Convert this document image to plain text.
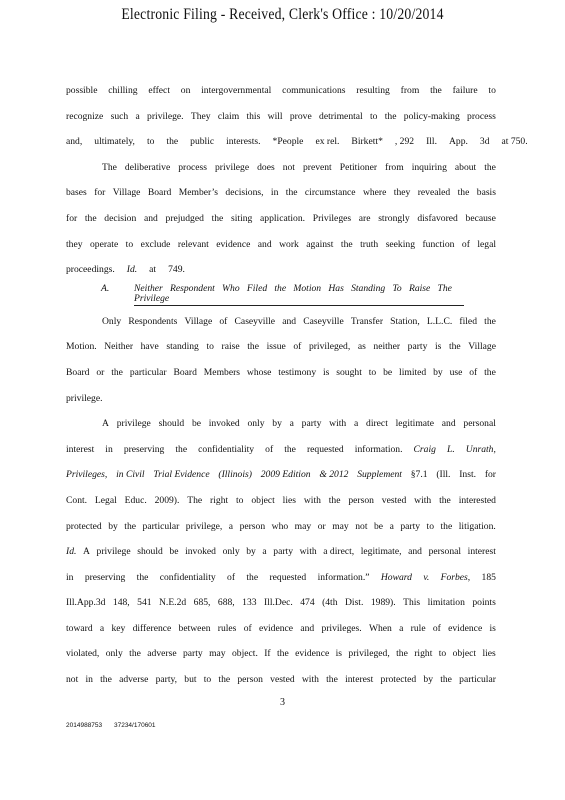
Electronic Filing - Received, Clerk's Office : 10/20/2014
possible chilling effect on intergovernmental communications resulting from the failure to
recognize such a privilege. They claim this will prove detrimental to the policy-making process
and, ultimately, to the public interests. *People ex rel. Birkett* , 292 Ill. App. 3d at 750.
The deliberative process privilege does not prevent Petitioner from inquiring about the
bases for Village Board Member’s decisions, in the circumstance where they revealed the basis
for the decision and prejudged the siting application. Privileges are strongly disfavored because
they operate to exclude relevant evidence and work against the truth seeking function of legal
proceedings. Id. at 749.
A.	Neither Respondent Who Filed the Motion Has Standing To Raise The
Privilege
Only Respondents Village of Caseyville and Caseyville Transfer Station, L.L.C. filed the
Motion. Neither have standing to raise the issue of privileged, as neither party is the Village
Board or the particular Board Members whose testimony is sought to be limited by use of the
privilege.
A privilege should be invoked only by a party with a direct legitimate and personal
interest in preserving the confidentiality of the requested information. Craig L. Unrath,
Privileges, in Civil Trial Evidence (Illinois) 2009 Edition & 2012 Supplement §7.1 (Ill. Inst. for
Cont. Legal Educ. 2009). The right to object lies with the person vested with the interested
protected by the particular privilege, a person who may or may not be a party to the litigation.
Id. A privilege should be invoked only by a party with a direct, legitimate, and personal interest
in preserving the confidentiality of the requested information.” Howard v. Forbes, 185
Ill.App.3d 148, 541 N.E.2d 685, 688, 133 Ill.Dec. 474 (4th Dist. 1989). This limitation points
toward a key difference between rules of evidence and privileges. When a rule of evidence is
violated, only the adverse party may object. If the evidence is privileged, the right to object lies
not in the adverse party, but to the person vested with the interest protected by the particular
3
2014988753 37234/170601
